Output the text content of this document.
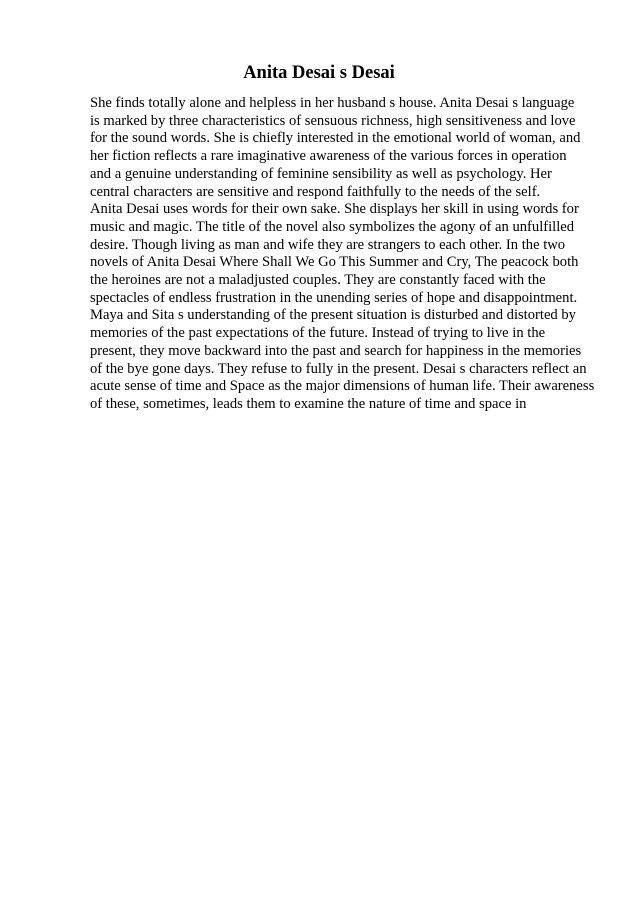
Anita Desai s Desai
She finds totally alone and helpless in her husband s house. Anita Desai s language
is marked by three characteristics of sensuous richness, high sensitiveness and love
for the sound words. She is chiefly interested in the emotional world of woman, and
her fiction reflects a rare imaginative awareness of the various forces in operation
and a genuine understanding of feminine sensibility as well as psychology. Her
central characters are sensitive and respond faithfully to the needs of the self.
Anita Desai uses words for their own sake. She displays her skill in using words for
music and magic. The title of the novel also symbolizes the agony of an unfulfilled
desire. Though living as man and wife they are strangers to each other. In the two
novels of Anita Desai Where Shall We Go This Summer and Cry, The peacock both
the heroines are not a maladjusted couples. They are constantly faced with the
spectacles of endless frustration in the unending series of hope and disappointment.
Maya and Sita s understanding of the present situation is disturbed and distorted by
memories of the past expectations of the future. Instead of trying to live in the
present, they move backward into the past and search for happiness in the memories
of the bye gone days. They refuse to fully in the present. Desai s characters reflect an
acute sense of time and Space as the major dimensions of human life. Their awareness
of these, sometimes, leads them to examine the nature of time and space in
